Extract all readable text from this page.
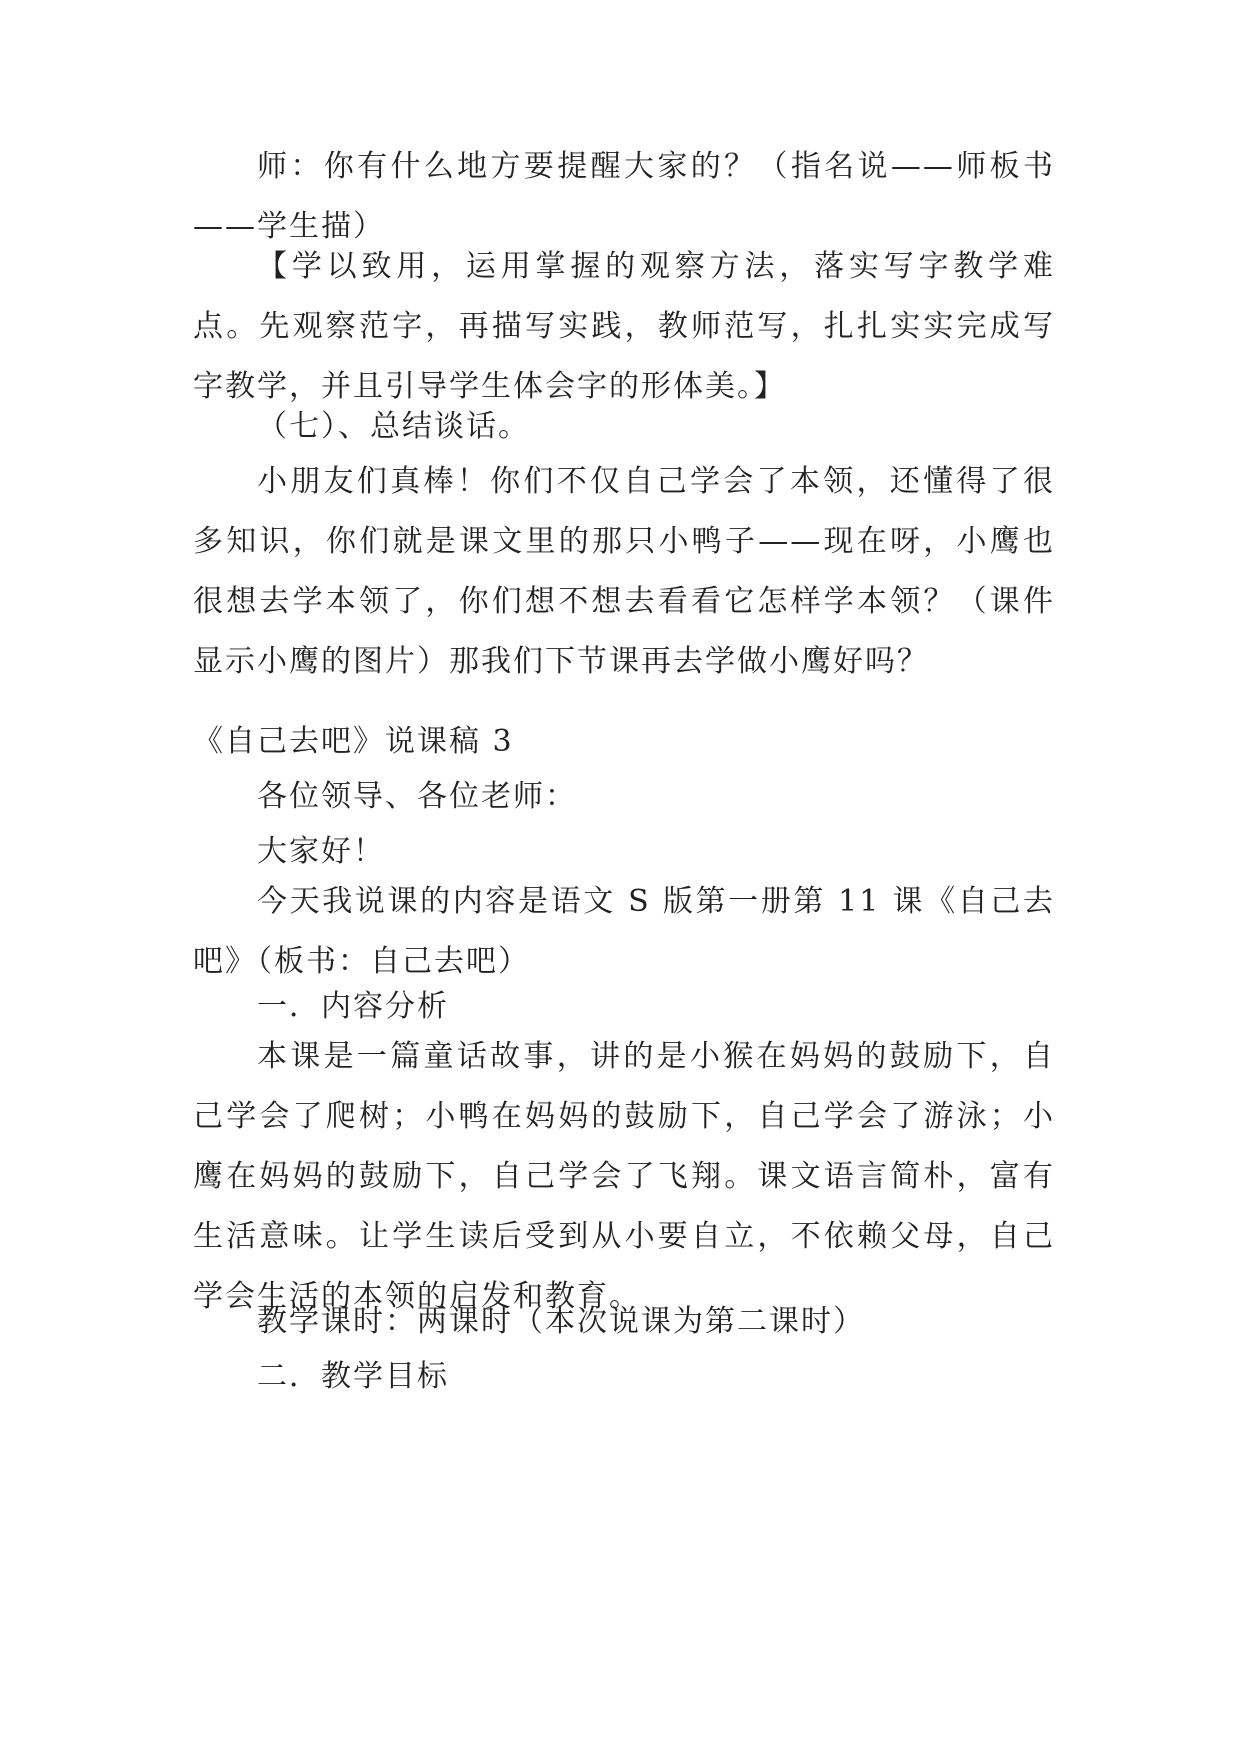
师：你有什么地方要提醒大家的？（指名说——师板书——学生描）

【学以致用，运用掌握的观察方法，落实写字教学难点。先观察范字，再描写实践，教师范写，扎扎实实完成写字教学，并且引导学生体会字的形体美。】

（七）、总结谈话。

小朋友们真棒！你们不仅自己学会了本领，还懂得了很多知识，你们就是课文里的那只小鸭子——现在呀，小鹰也很想去学本领了，你们想不想去看看它怎样学本领？（课件显示小鹰的图片）那我们下节课再去学做小鹰好吗？

《自己去吧》说课稿 3

各位领导、各位老师：

大家好！

今天我说课的内容是语文 S 版第一册第 11 课《自己去吧》（板书：自己去吧）

一．内容分析

本课是一篇童话故事，讲的是小猴在妈妈的鼓励下，自己学会了爬树；小鸭在妈妈的鼓励下，自己学会了游泳；小鹰在妈妈的鼓励下，自己学会了飞翔。课文语言简朴，富有生活意味。让学生读后受到从小要自立，不依赖父母，自己学会生活的本领的启发和教育。

教学课时：两课时（本次说课为第二课时）

二．教学目标
